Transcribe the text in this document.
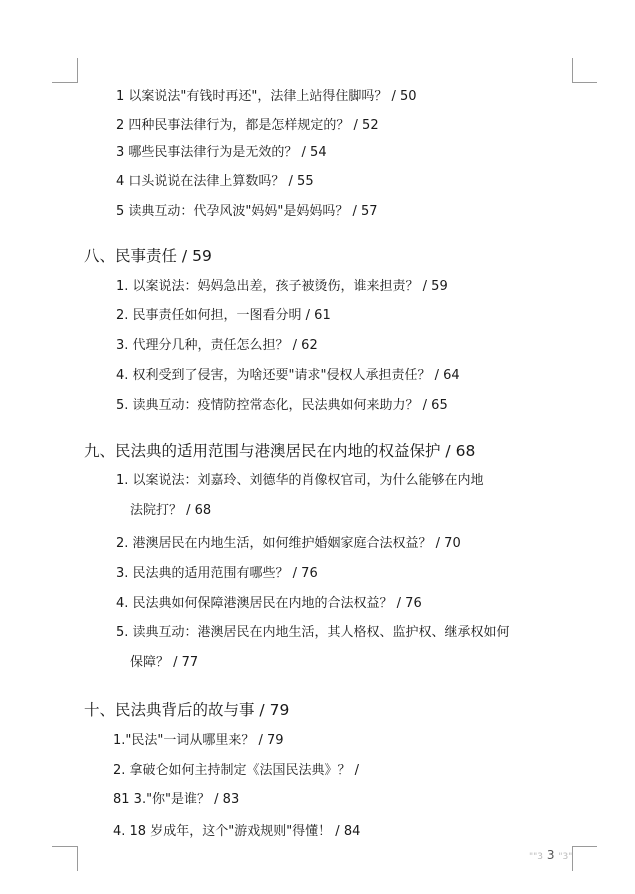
1 以案说法"有钱时再还"，法律上站得住脚吗？ / 50
2 四种民事法律行为，都是怎样规定的？ / 52
3 哪些民事法律行为是无效的？ / 54
4 口头说说在法律上算数吗？ / 55
5 读典互动：代孕风波"妈妈"是妈妈吗？ / 57
八、民事责任 / 59
1. 以案说法：妈妈急出差，孩子被烫伤，谁来担责？ / 59
2. 民事责任如何担，一图看分明 / 61
3. 代理分几种，责任怎么担？ / 62
4. 权利受到了侵害，为啥还要"请求"侵权人承担责任？ / 64
5. 读典互动：疫情防控常态化，民法典如何来助力？ / 65
九、民法典的适用范围与港澳居民在内地的权益保护 / 68
1. 以案说法：刘嘉玲、刘德华的肖像权官司，为什么能够在内地
法院打？ / 68
2. 港澳居民在内地生活，如何维护婚姻家庭合法权益？ / 70
3. 民法典的适用范围有哪些？ / 76
4. 民法典如何保障港澳居民在内地的合法权益？ / 76
5. 读典互动：港澳居民在内地生活，其人格权、监护权、继承权如何
保障？ / 77
十、民法典背后的故与事 / 79
1."民法"一词从哪里来？ / 79
2. 拿破仑如何主持制定《法国民法典》？ /
81 3."你"是谁？ / 83
4. 18 岁成年，这个"游戏规则"得懂！ / 84
""3 3 "3"
